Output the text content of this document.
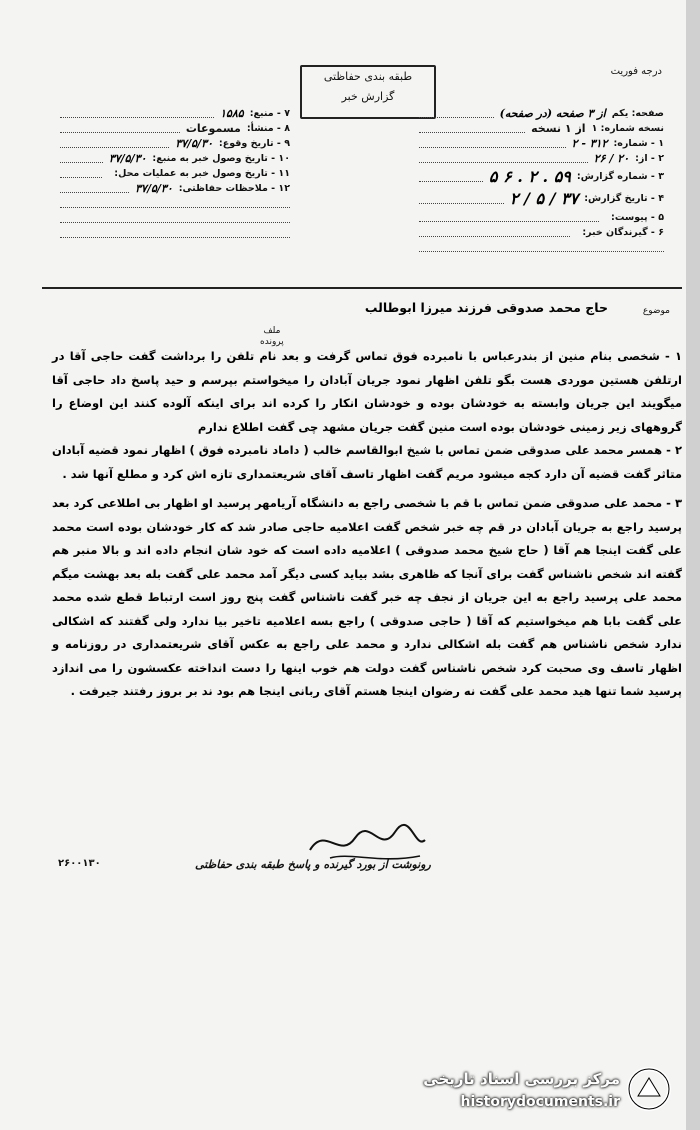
درجه فوریت
طبقه بندی حفاظتی
گزارش خبر
صفحه: یکم
از ۳ صفحه (در صفحه)
نسخه شماره: ۱
از ۱ نسخه
۱ - شماره:
۳۱۲ - ۲
۲ - از:
۲۰ / ۲۶
۳ - شماره گزارش:
۵۹ . ۲ . ۶ ۵
۴ - تاریخ گزارش:
۳۷ / ۵ / ۲
۵ - پیوست:
۶ - گیرندگان خبر:
۷ - منبع:
۱۵۸۵
۸ - منشأ:
مسموعات
۹ - تاریخ وقوع:
۳۷/۵/۳۰
۱۰ - تاریخ وصول خبر به منبع:
۳۷/۵/۳۰
۱۱ - تاریخ وصول خبر به عملیات محل:
۱۲ - ملاحظات حفاظتی:
۳۷/۵/۳۰
موضوع
حاج محمد صدوقی فرزند میرزا ابوطالب
ملف
پرونده

۱ - شخصی بنام منین از بندرعباس با نامبرده فوق تماس گرفت و بعد نام تلفن را برداشت گفت حاجی آقا در ارتلفن هستین موردی هست بگو تلفن اظهار نمود جریان آبادان را میخواستم بپرسم و حید پاسخ داد حاجی آقا میگویند این جریان وابسته به خودشان بوده و خودشان انکار را کرده اند برای اینکه آلوده کنند این اوضاع را گروههای زیر زمینی خودشان بوده است منین گفت جریان مشهد چی گفت اطلاع ندارم

۲ - همسر محمد علی صدوقی ضمن تماس با شیخ ابوالقاسم خالب ( داماد نامبرده فوق ) اظهار نمود قضیه آبادان متاثر گفت قضیه آن دارد کجه میشود مریم گفت اظهار تاسف آقای شریعتمداری تازه اش کرد و مطلع آنها شد .

۳ - محمد علی صدوقی ضمن تماس با قم با شخصی راجع به دانشگاه آریامهر پرسید او اظهار بی اطلاعی کرد بعد پرسید راجع به جریان آبادان در قم چه خبر شخص گفت اعلامیه حاجی صادر شد که کار خودشان بوده است محمد علی گفت اینجا هم آقا ( حاج شیخ محمد صدوقی ) اعلامیه داده است که خود شان انجام داده اند و بالا منبر هم گفته اند شخص ناشناس گفت برای آنجا که ظاهری بشد بیاید کسی دیگر آمد محمد علی گفت بله بعد بهشت میگم محمد علی پرسید راجع به این جریان از نجف چه خبر گفت ناشناس گفت پنج روز است ارتباط قطع شده محمد علی گفت بابا هم میخواستیم که آقا ( حاجی صدوقی ) راجع بسه اعلامیه تاخیر بیا ندارد ولی گفتند که اشکالی ندارد شخص ناشناس هم گفت بله اشکالی ندارد و محمد علی راجع به عکس آقای شریعتمداری در روزنامه و اظهار تاسف وی صحبت کرد شخص ناشناس گفت دولت هم خوب اینها را دست انداخته عکسشون را می اندازد پرسید شما تنها هید محمد علی گفت نه رضوان اینجا هستم آقای ربانی اینجا هم بود ند بر بروز رفتند جیرفت .

رونوشت از بورد گیرنده و پاسخ طبقه بندی حفاظتی
۲۶۰۰۱۳۰
مرکز بررسی اسناد تاریخی
historydocuments.ir
